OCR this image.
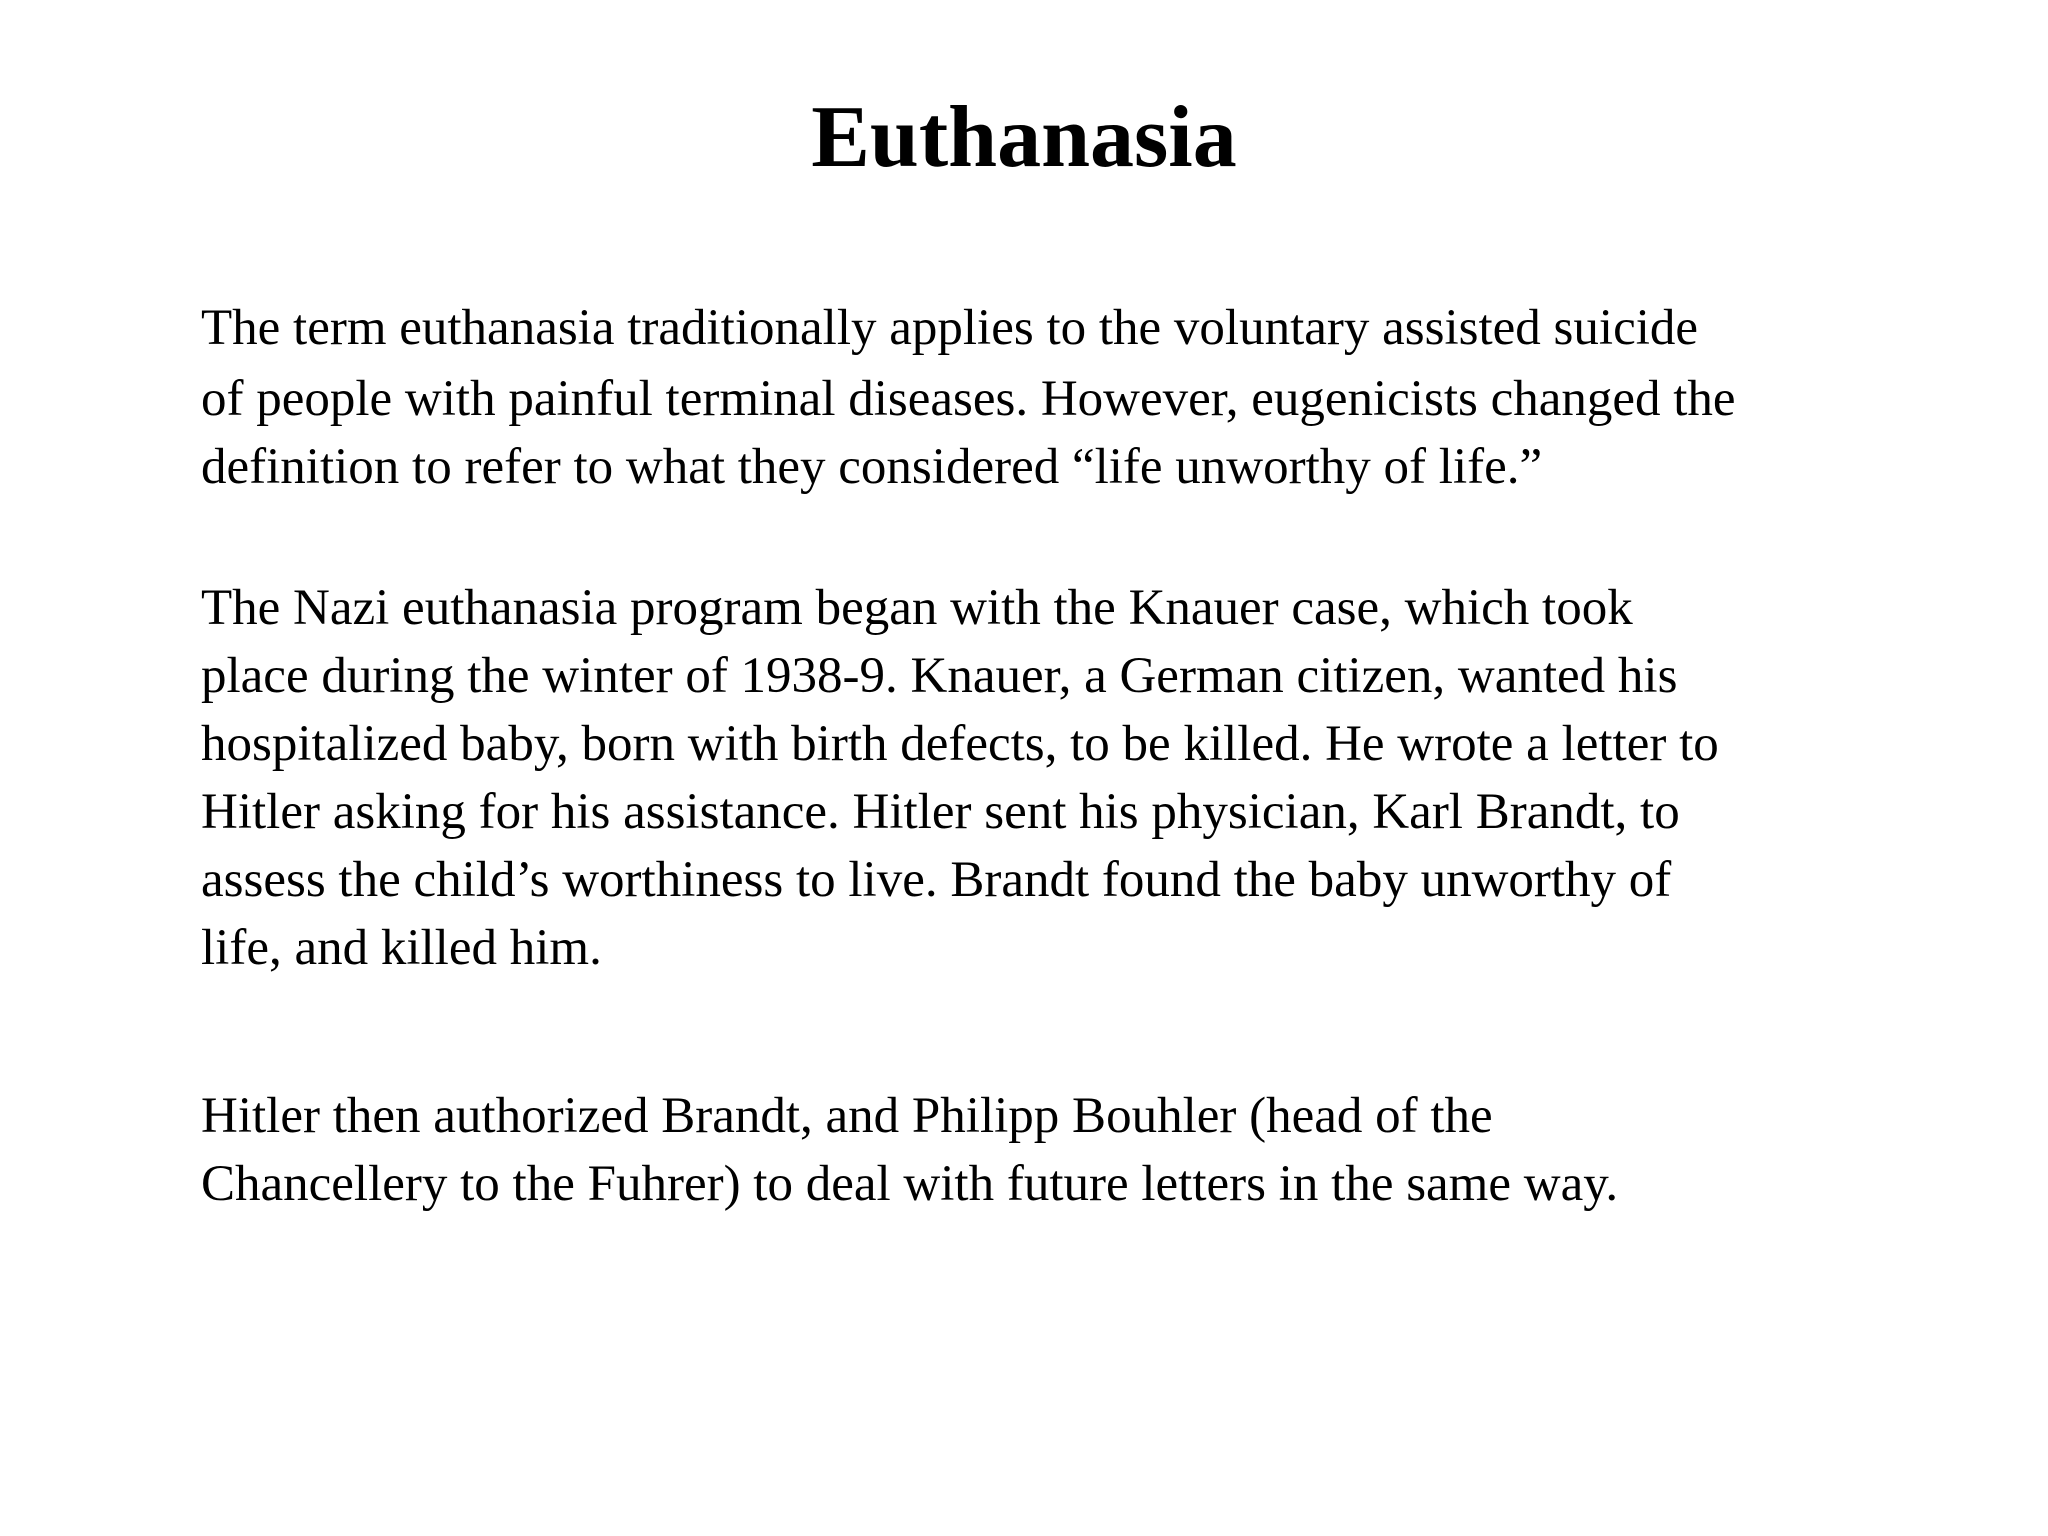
Euthanasia

The term euthanasia traditionally applies to the voluntary assisted suicide
of people with painful terminal diseases. However, eugenicists changed the
definition to refer to what they considered “life unworthy of life.”

The Nazi euthanasia program began with the Knauer case, which took
place during the winter of 1938-9. Knauer, a German citizen, wanted his
hospitalized baby, born with birth defects, to be killed. He wrote a letter to
Hitler asking for his assistance. Hitler sent his physician, Karl Brandt, to
assess the child’s worthiness to live. Brandt found the baby unworthy of
life, and killed him.

Hitler then authorized Brandt, and Philipp Bouhler (head of the
Chancellery to the Fuhrer) to deal with future letters in the same way.
